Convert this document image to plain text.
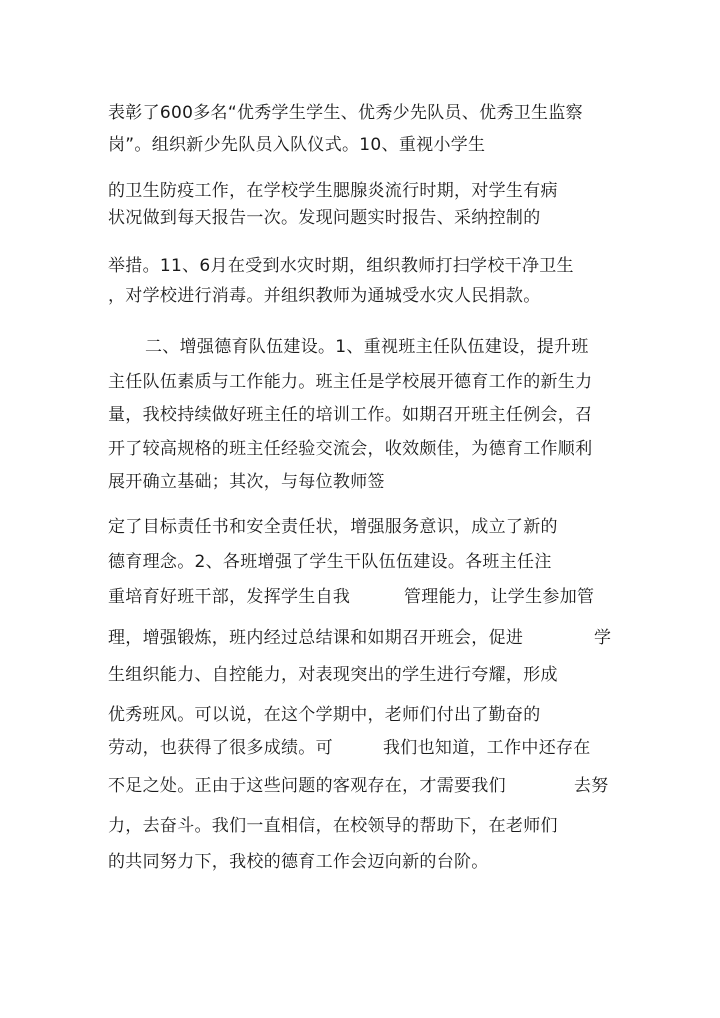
表彰了600多名“优秀学生学生、优秀少先队员、优秀卫生监察
岗”。组织新少先队员入队仪式。10、重视小学生
的卫生防疫工作，在学校学生腮腺炎流行时期，对学生有病
状况做到每天报告一次。发现问题实时报告、采纳控制的
举措。11、6月在受到水灾时期，组织教师打扫学校干净卫生
，对学校进行消毒。并组织教师为通城受水灾人民捐款。
二、增强德育队伍建设。1、重视班主任队伍建设，提升班
主任队伍素质与工作能力。班主任是学校展开德育工作的新生力
量，我校持续做好班主任的培训工作。如期召开班主任例会，召
开了较高规格的班主任经验交流会，收效颇佳，为德育工作顺利
展开确立基础；其次，与每位教师签
定了目标责任书和安全责任状，增强服务意识，成立了新的
德育理念。2、各班增强了学生干队伍伍建设。各班主任注
重培育好班干部，发挥学生自我	管理能力，让学生参加管
理，增强锻炼，班内经过总结课和如期召开班会，促进	学
生组织能力、自控能力，对表现突出的学生进行夸耀，形成
优秀班风。可以说，在这个学期中，老师们付出了勤奋的
劳动，也获得了很多成绩。可	我们也知道，工作中还存在
不足之处。正由于这些问题的客观存在，才需要我们	去努
力，去奋斗。我们一直相信，在校领导的帮助下，在老师们
的共同努力下，我校的德育工作会迈向新的台阶。
